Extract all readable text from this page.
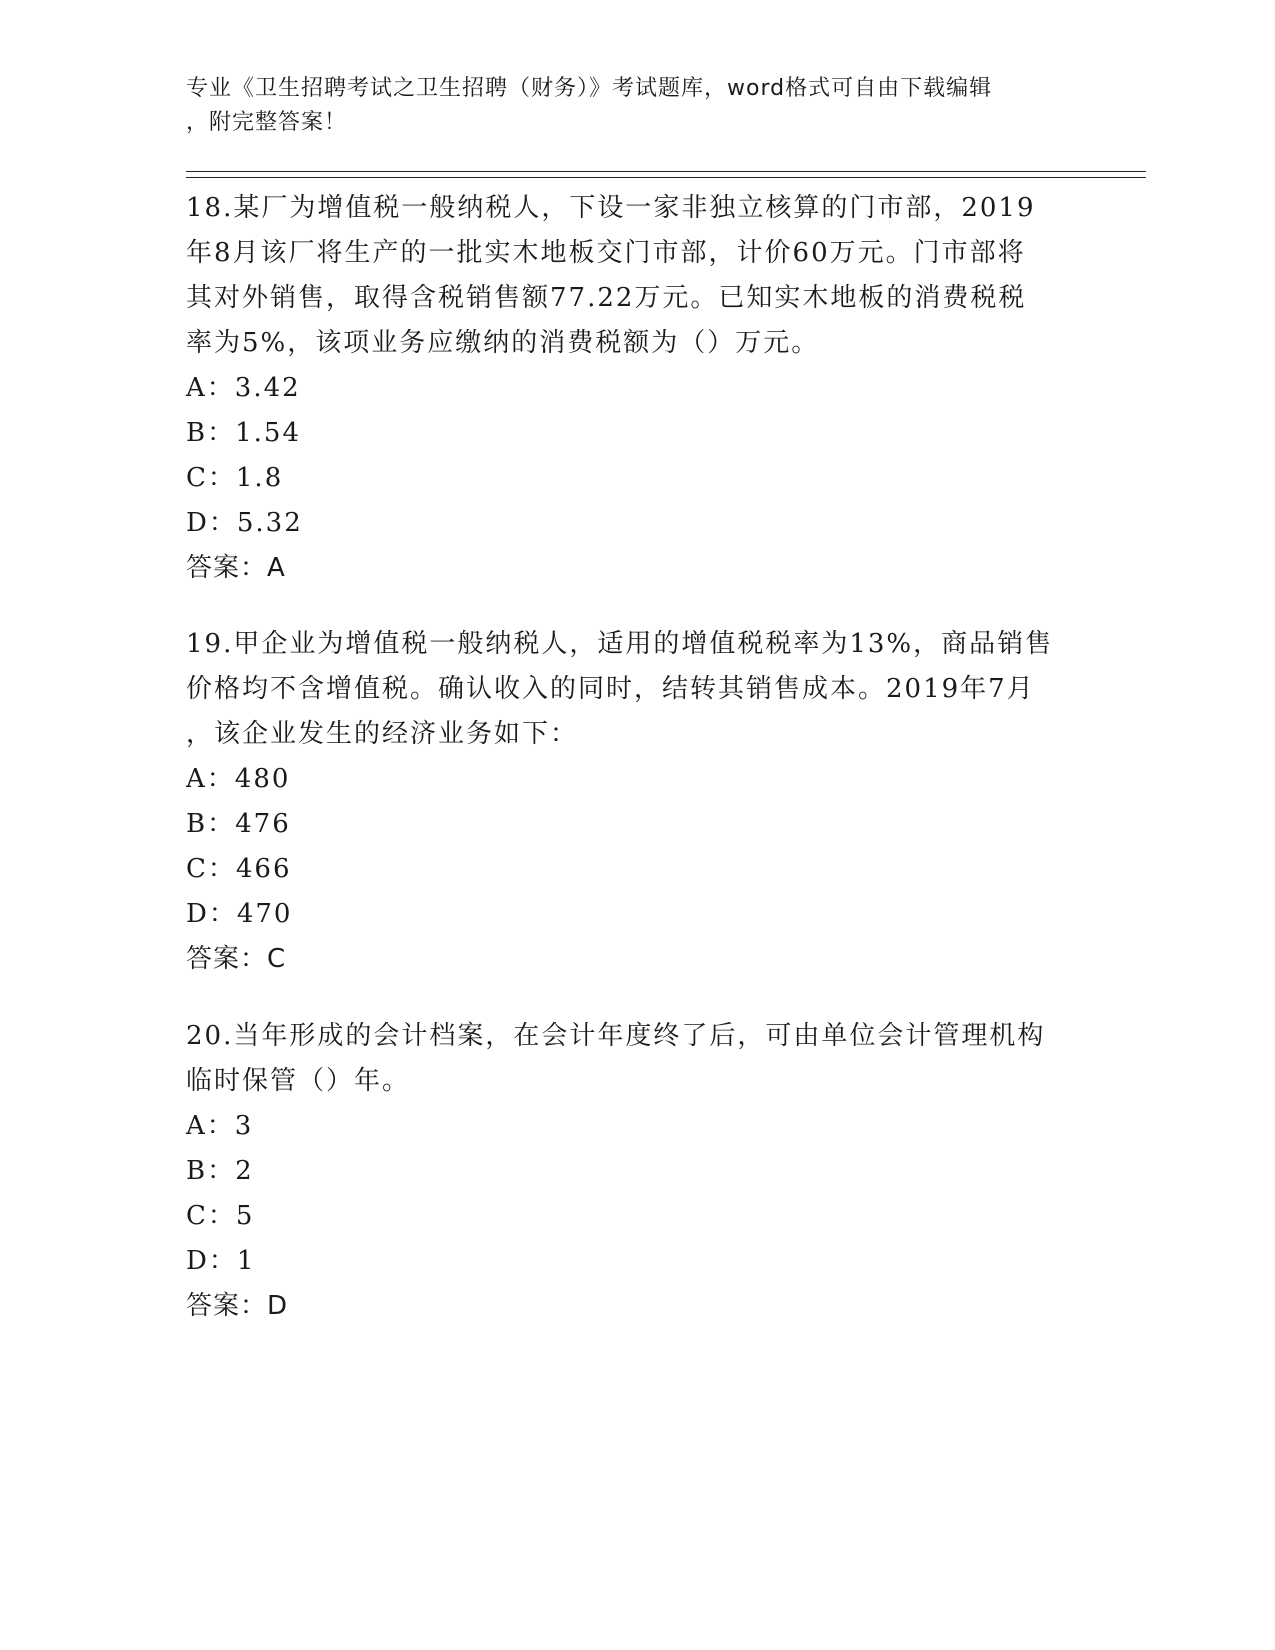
专业《卫生招聘考试之卫生招聘（财务）》考试题库，word格式可自由下载编辑
，附完整答案！
18.某厂为增值税一般纳税人，下设一家非独立核算的门市部，2019
年8月该厂将生产的一批实木地板交门市部，计价60万元。门市部将
其对外销售，取得含税销售额77.22万元。已知实木地板的消费税税
率为5%，该项业务应缴纳的消费税额为（）万元。
A：3.42
B：1.54
C：1.8
D：5.32
答案：A
19.甲企业为增值税一般纳税人，适用的增值税税率为13%，商品销售
价格均不含增值税。确认收入的同时，结转其销售成本。2019年7月
，该企业发生的经济业务如下：
A：480
B：476
C：466
D：470
答案：C
20.当年形成的会计档案，在会计年度终了后，可由单位会计管理机构
临时保管（）年。
A：3
B：2
C：5
D：1
答案：D
